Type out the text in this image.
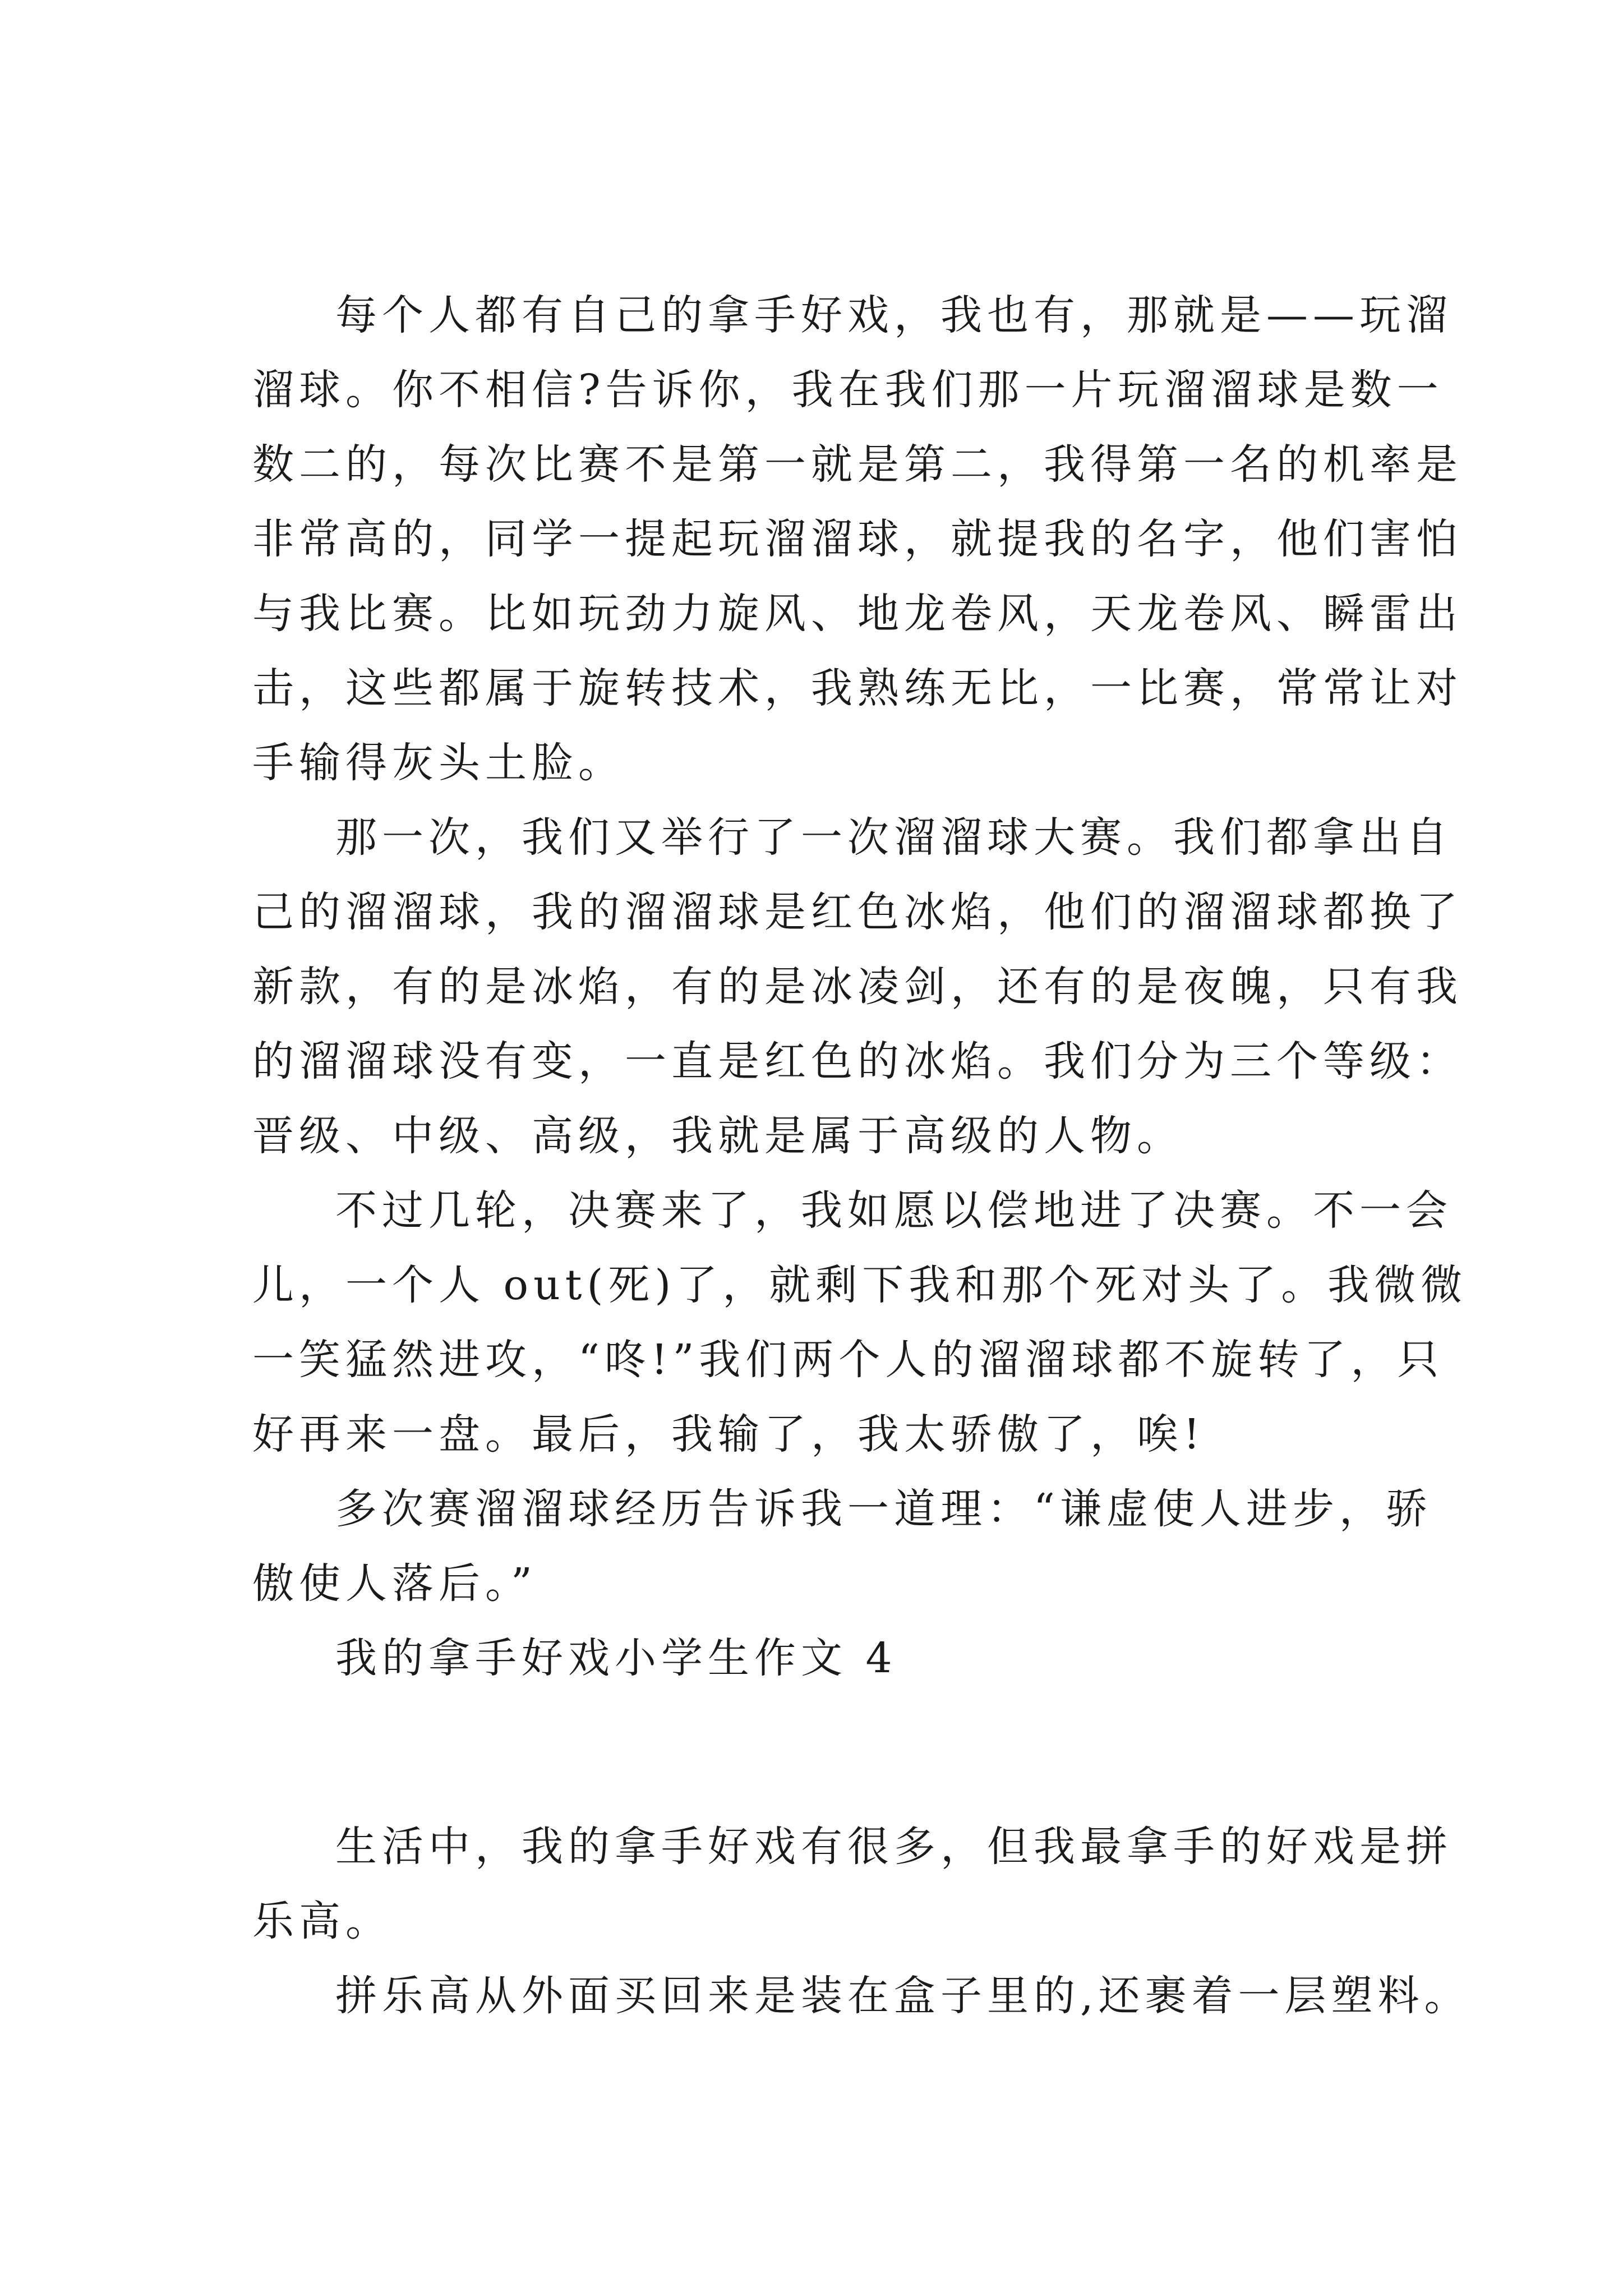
每个人都有自己的拿手好戏，我也有，那就是——玩溜
溜球。你不相信?告诉你，我在我们那一片玩溜溜球是数一
数二的，每次比赛不是第一就是第二，我得第一名的机率是
非常高的，同学一提起玩溜溜球，就提我的名字，他们害怕
与我比赛。比如玩劲力旋风、地龙卷风，天龙卷风、瞬雷出
击，这些都属于旋转技术，我熟练无比，一比赛，常常让对
手输得灰头土脸。
那一次，我们又举行了一次溜溜球大赛。我们都拿出自
己的溜溜球，我的溜溜球是红色冰焰，他们的溜溜球都换了
新款，有的是冰焰，有的是冰凌剑，还有的是夜魄，只有我
的溜溜球没有变，一直是红色的冰焰。我们分为三个等级：
晋级、中级、高级，我就是属于高级的人物。
不过几轮，决赛来了，我如愿以偿地进了决赛。不一会
儿，一个人 out(死)了，就剩下我和那个死对头了。我微微
一笑猛然进攻，“咚!”我们两个人的溜溜球都不旋转了，只
好再来一盘。最后，我输了，我太骄傲了，唉!
多次赛溜溜球经历告诉我一道理：“谦虚使人进步，骄
傲使人落后。”
我的拿手好戏小学生作文 4
生活中，我的拿手好戏有很多，但我最拿手的好戏是拼
乐高。
拼乐高从外面买回来是装在盒子里的,还裹着一层塑料。
